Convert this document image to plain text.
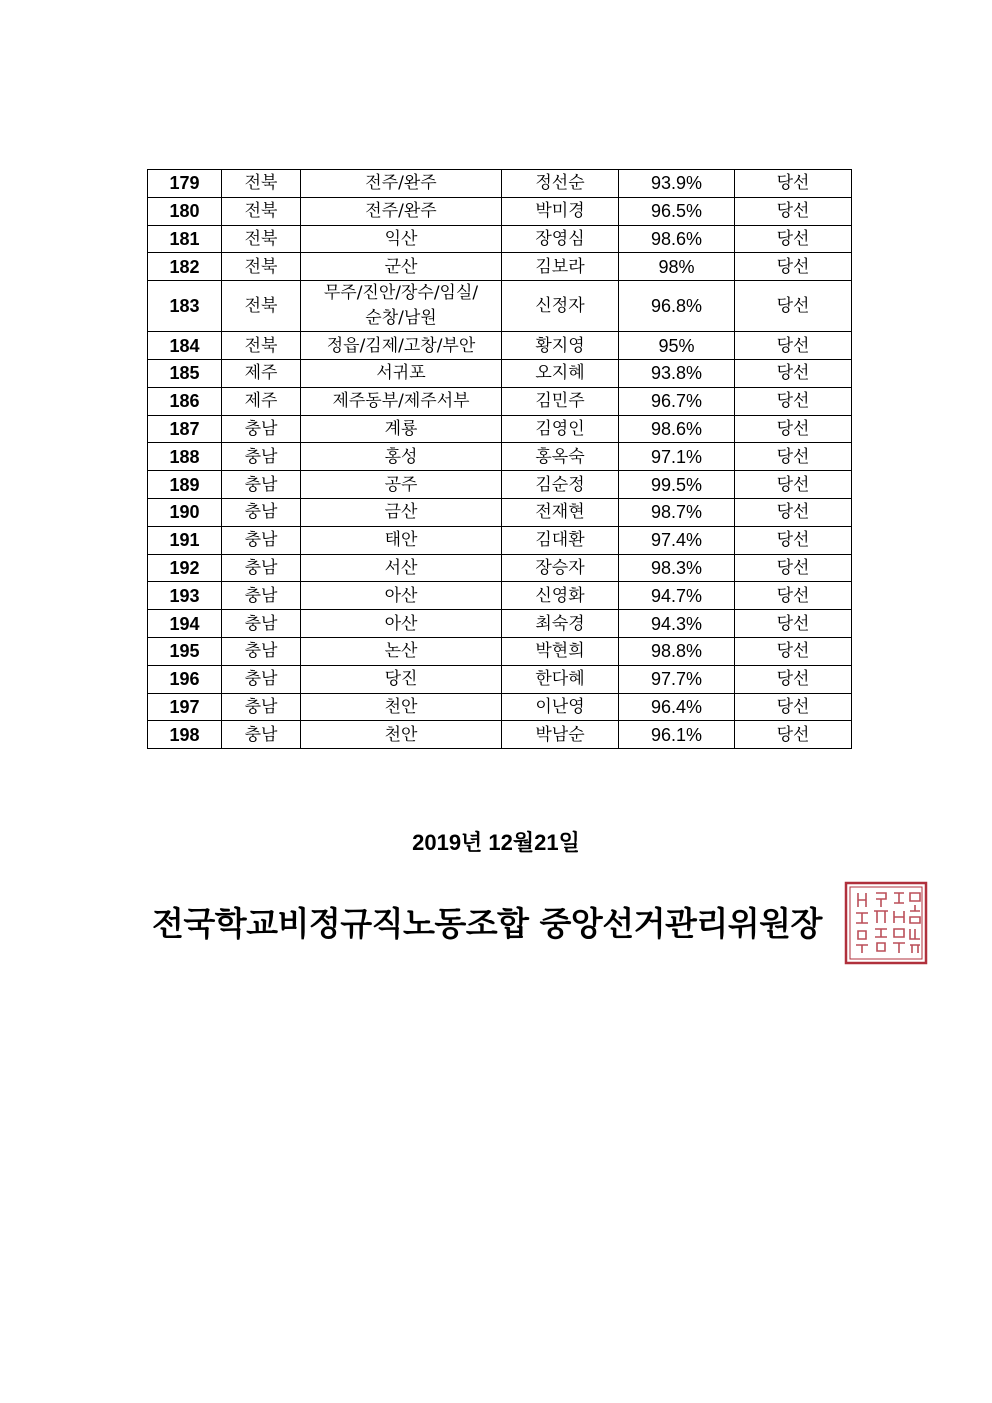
179	전북	전주/완주	정선순	93.9%	당선
180	전북	전주/완주	박미경	96.5%	당선
181	전북	익산	장영심	98.6%	당선
182	전북	군산	김보라	98%	당선
183	전북	무주/진안/장수/임실/
순창/남원	신정자	96.8%	당선
184	전북	정읍/김제/고창/부안	황지영	95%	당선
185	제주	서귀포	오지혜	93.8%	당선
186	제주	제주동부/제주서부	김민주	96.7%	당선
187	충남	계룡	김영인	98.6%	당선
188	충남	홍성	홍옥숙	97.1%	당선
189	충남	공주	김순정	99.5%	당선
190	충남	금산	전재현	98.7%	당선
191	충남	태안	김대환	97.4%	당선
192	충남	서산	장승자	98.3%	당선
193	충남	아산	신영화	94.7%	당선
194	충남	아산	최숙경	94.3%	당선
195	충남	논산	박현희	98.8%	당선
196	충남	당진	한다혜	97.7%	당선
197	충남	천안	이난영	96.4%	당선
198	충남	천안	박남순	96.1%	당선
2019년 12월21일
전국학교비정규직노동조합 중앙선거관리위원장
